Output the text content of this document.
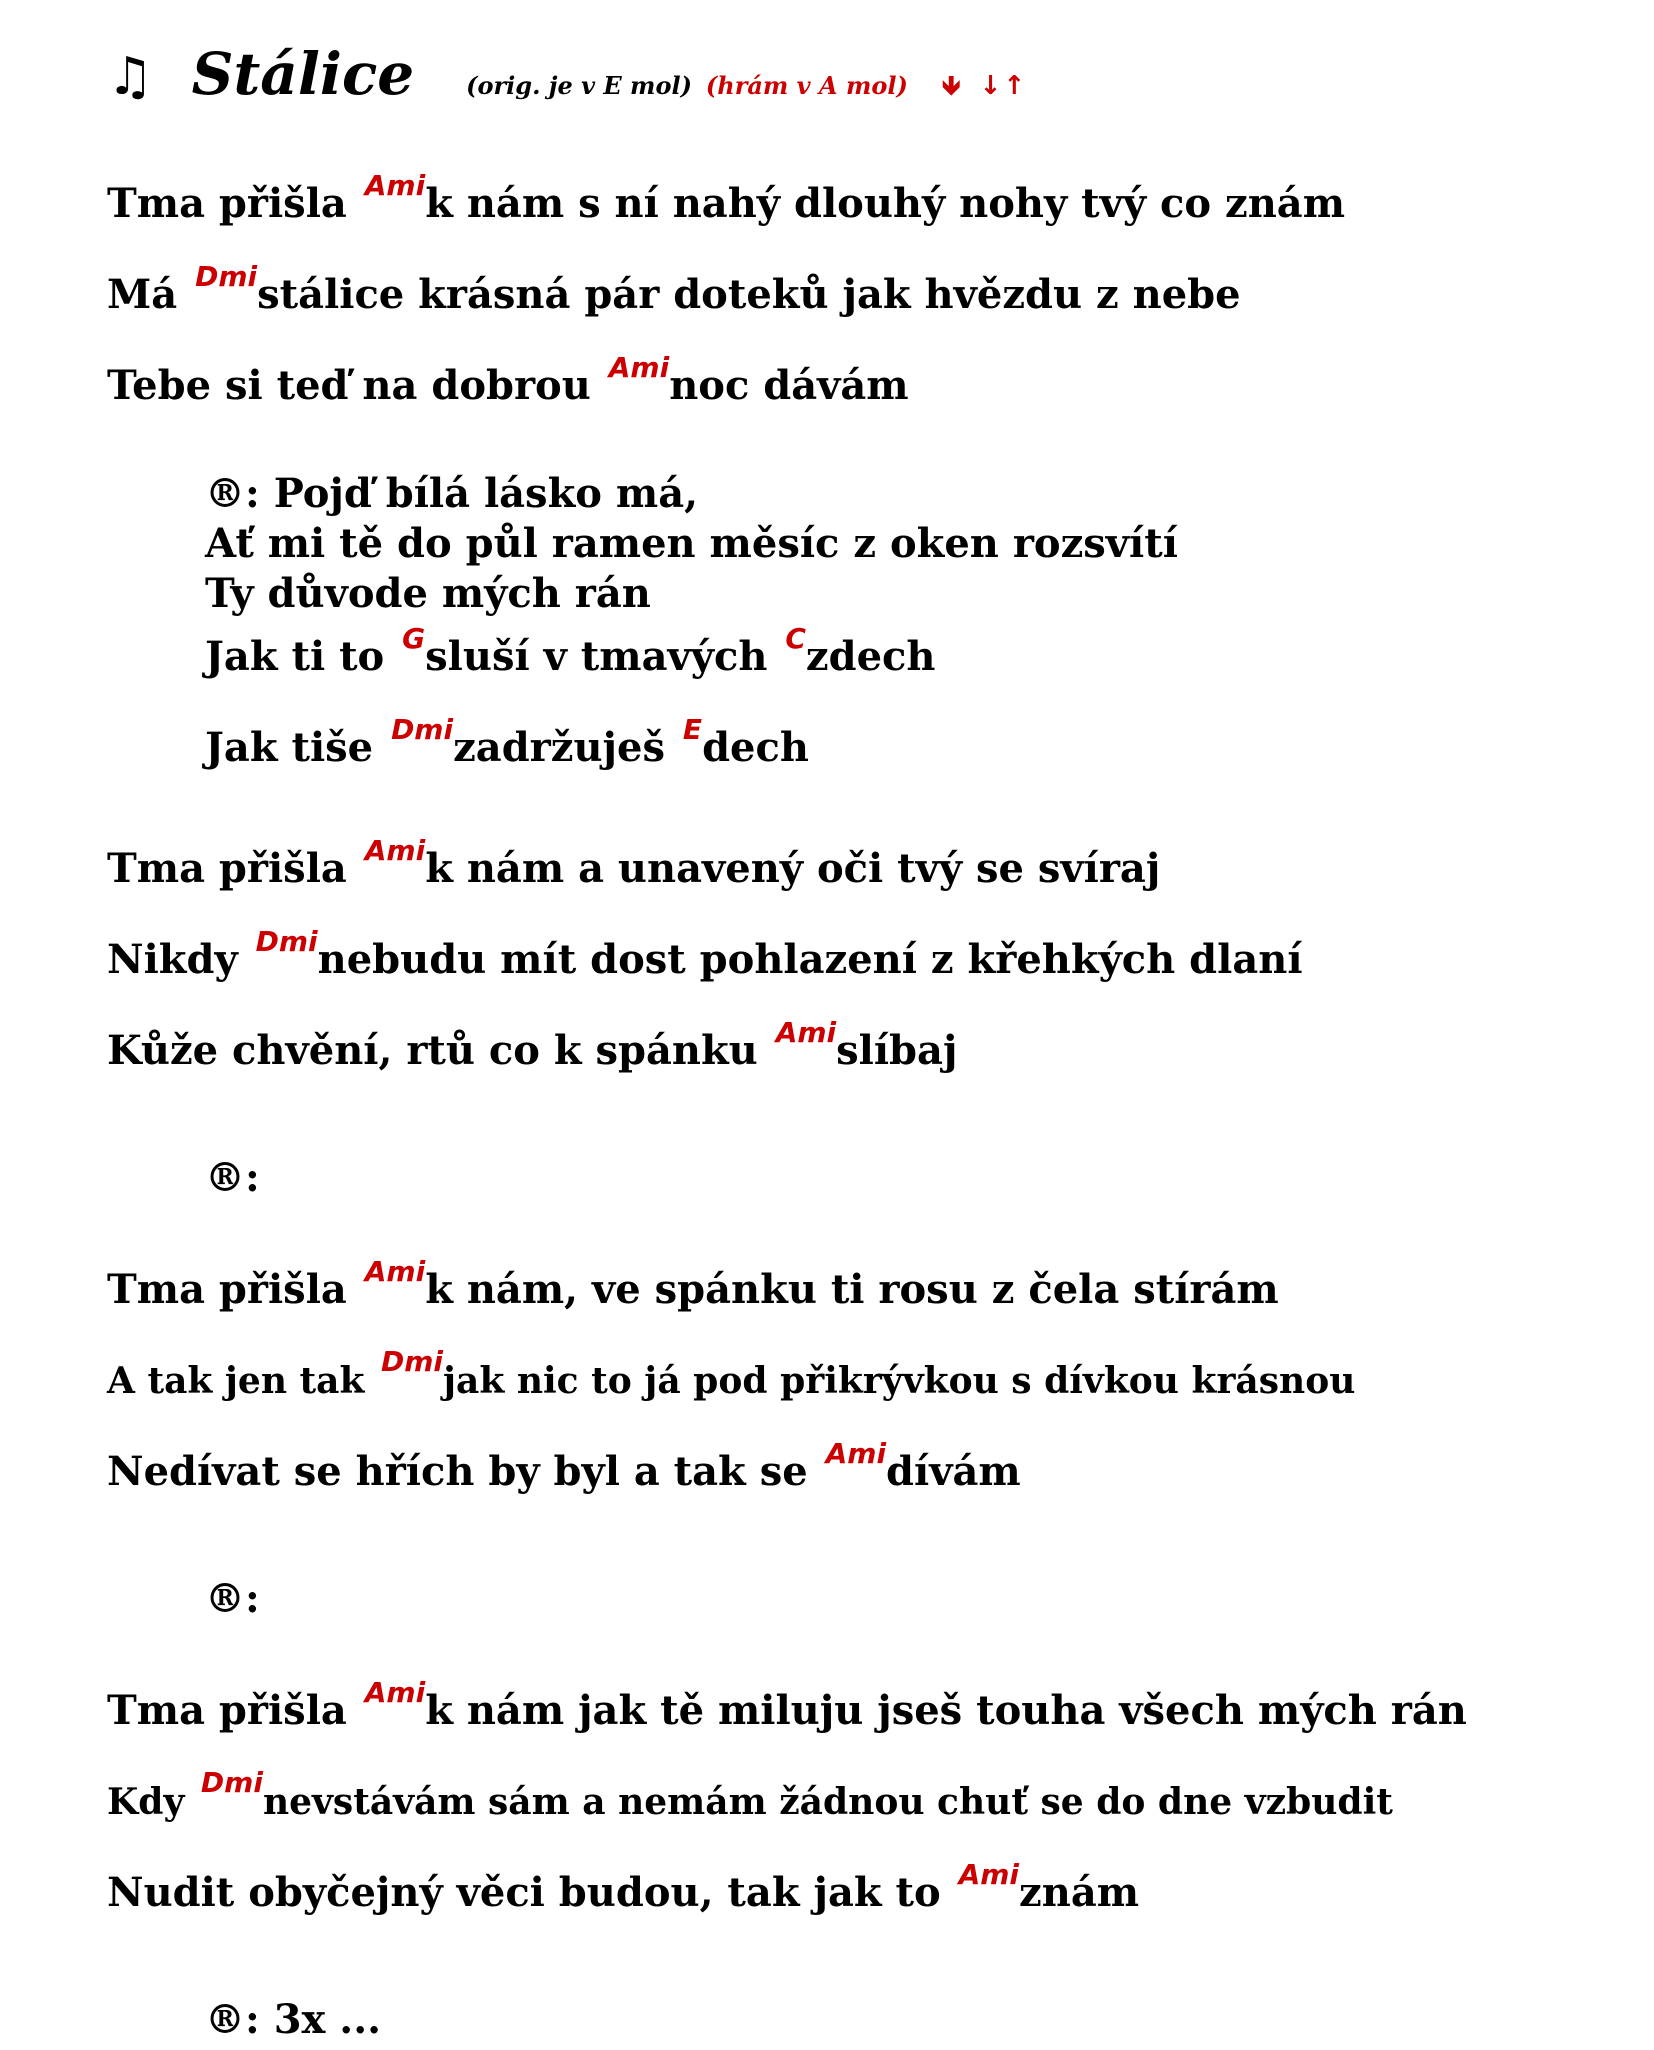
♫ Stálice (orig. je v E mol) (hrám v A mol) 🡻 ↓↑
Tma přišla $^{Ami}$k nám s ní nahý dlouhý nohy tvý co znám
Má $^{Dmi}$stálice krásná pár doteků jak hvězdu z nebe
Tebe si teď na dobrou $^{Ami}$noc dávám
®: Pojď bílá lásko má,
Ať mi tě do půl ramen měsíc z oken rozsvítí
Ty důvode mých rán
Jak ti to $^G$sluší v tmavých $^C$zdech
Jak tiše $^{Dmi}$zadržuješ $^E$dech
Tma přišla $^{Ami}$k nám a unavený oči tvý se svíraj
Nikdy $^{Dmi}$nebudu mít dost pohlazení z křehkých dlaní
Kůže chvění, rtů co k spánku $^{Ami}$slíbaj
®:
Tma přišla $^{Ami}$k nám, ve spánku ti rosu z čela stírám
A tak jen tak $^{Dmi}$jak nic to já pod přikrývkou s dívkou krásnou
Nedívat se hřích by byl a tak se $^{Ami}$dívám
®:
Tma přišla $^{Ami}$k nám jak tě miluju jseš touha všech mých rán
Kdy $^{Dmi}$nevstávám sám a nemám žádnou chuť se do dne vzbudit
Nudit obyčejný věci budou, tak jak to $^{Ami}$znám
®: 3x ...
